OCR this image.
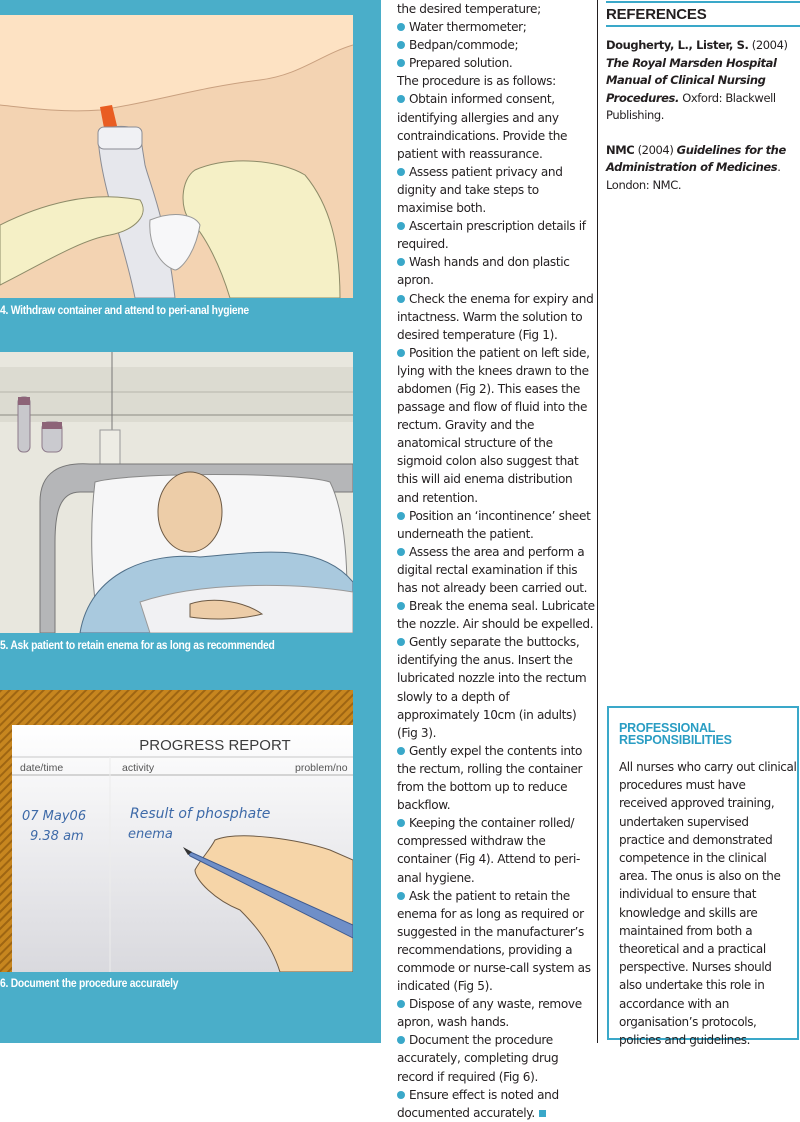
4. Withdraw container and attend to peri-anal hygiene
5. Ask patient to retain enema for as long as recommended
PROGRESS REPORT
date/time	activity	problem/no
07 May06
9.38 am
Result of phosphate
enema
6. Document the procedure accurately

the desired temperature;

Water thermometer;

Bedpan/commode;

Prepared solution.

The procedure is as follows:

Obtain informed consent, identifying allergies and any contraindications. Provide the patient with reassurance.

Assess patient privacy and dignity and take steps to maximise both.

Ascertain prescription details if required.

Wash hands and don plastic apron.

Check the enema for expiry and intactness. Warm the solution to desired temperature (Fig 1).

Position the patient on left side, lying with the knees drawn to the abdomen (Fig 2). This eases the passage and flow of fluid into the rectum. Gravity and the anatomical structure of the sigmoid colon also suggest that this will aid enema distribution and retention.

Position an ‘incontinence’ sheet underneath the patient.

Assess the area and perform a digital rectal examination if this has not already been carried out.

Break the enema seal. Lubricate the nozzle. Air should be expelled.

Gently separate the buttocks, identifying the anus. Insert the lubricated nozzle into the rectum slowly to a depth of approximately 10cm (in adults) (Fig 3).

Gently expel the contents into the rectum, rolling the container from the bottom up to reduce backflow.

Keeping the container rolled/ compressed withdraw the container (Fig 4). Attend to peri-anal hygiene.

Ask the patient to retain the enema for as long as required or suggested in the manufacturer’s recommendations, providing a commode or nurse-call system as indicated (Fig 5).

Dispose of any waste, remove apron, wash hands.

Document the procedure accurately, completing drug record if required (Fig 6).

Ensure effect is noted and documented accurately.

REFERENCES

Dougherty, L., Lister, S. (2004) The Royal Marsden Hospital Manual of Clinical Nursing Procedures. Oxford: Blackwell Publishing.

NMC (2004) Guidelines for the Administration of Medicines. London: NMC.

PROFESSIONAL RESPONSIBILITIES
All nurses who carry out clinical procedures must have received approved training, undertaken supervised practice and demonstrated competence in the clinical area. The onus is also on the individual to ensure that knowledge and skills are maintained from both a theoretical and a practical perspective. Nurses should also undertake this role in accordance with an organisation’s protocols, policies and guidelines.
